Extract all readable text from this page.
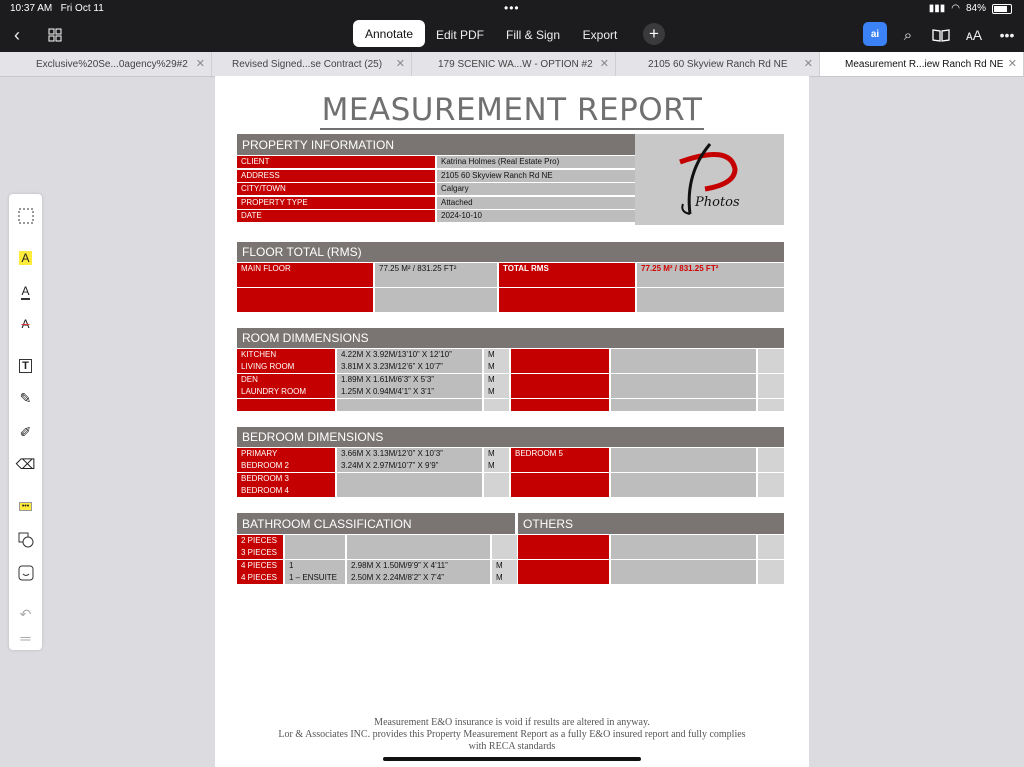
10:37 AM Fri Oct 11	•••	▮▮▮ ◠ 84%
‹	Annotate	Edit PDF	Fill & Sign	Export	+	ai	⌕	ᴀA •••
Exclusive%20Se...0agency%29#2 ✕	Revised Signed...se Contract (25) ✕	179 SCENIC WA...W - OPTION #2 ✕	2105 60 Skyview Ranch Rd NE ✕	Measurement R...iew Ranch Rd NE ✕
A
A
A
T
✎
✐
⌫
•••
↶
═
MEASUREMENT REPORT
PROPERTY INFORMATION
Photos
CLIENT	Katrina Holmes (Real Estate Pro)
ADDRESS	2105 60 Skyview Ranch Rd NE
CITY/TOWN	Calgary
PROPERTY TYPE	Attached
DATE	2024-10-10
FLOOR TOTAL (RMS)
MAIN FLOOR	77.25 M² / 831.25 FT²	TOTAL RMS	77.25 M² / 831.25 FT²
ROOM DIMMENSIONS
KITCHEN	4.22M X 3.92M/13’10” X 12’10”	M
LIVING ROOM	3.81M X 3.23M/12’6” X 10’7”	M
DEN	1.89M X 1.61M/6’3” X 5’3”	M
LAUNDRY ROOM	1.25M X 0.94M/4’1” X 3’1”	M
BEDROOM DIMENSIONS
PRIMARY	3.66M X 3.13M/12’0” X 10’3”	M	BEDROOM 5
BEDROOM 2	3.24M X 2.97M/10’7” X 9’9”	M
BEDROOM 3
BEDROOM 4
BATHROOM CLASSIFICATION	OTHERS
2 PIECES
3 PIECES
4 PIECES	1	2.98M X 1.50M/9’9” X 4’11”	M
4 PIECES	1 – ENSUITE	2.50M X 2.24M/8’2” X 7’4”	M
Measurement E&O insurance is void if results are altered in anyway.
Lor & Associates INC. provides this Property Measurement Report as a fully E&O insured report and fully complies
with RECA standards
